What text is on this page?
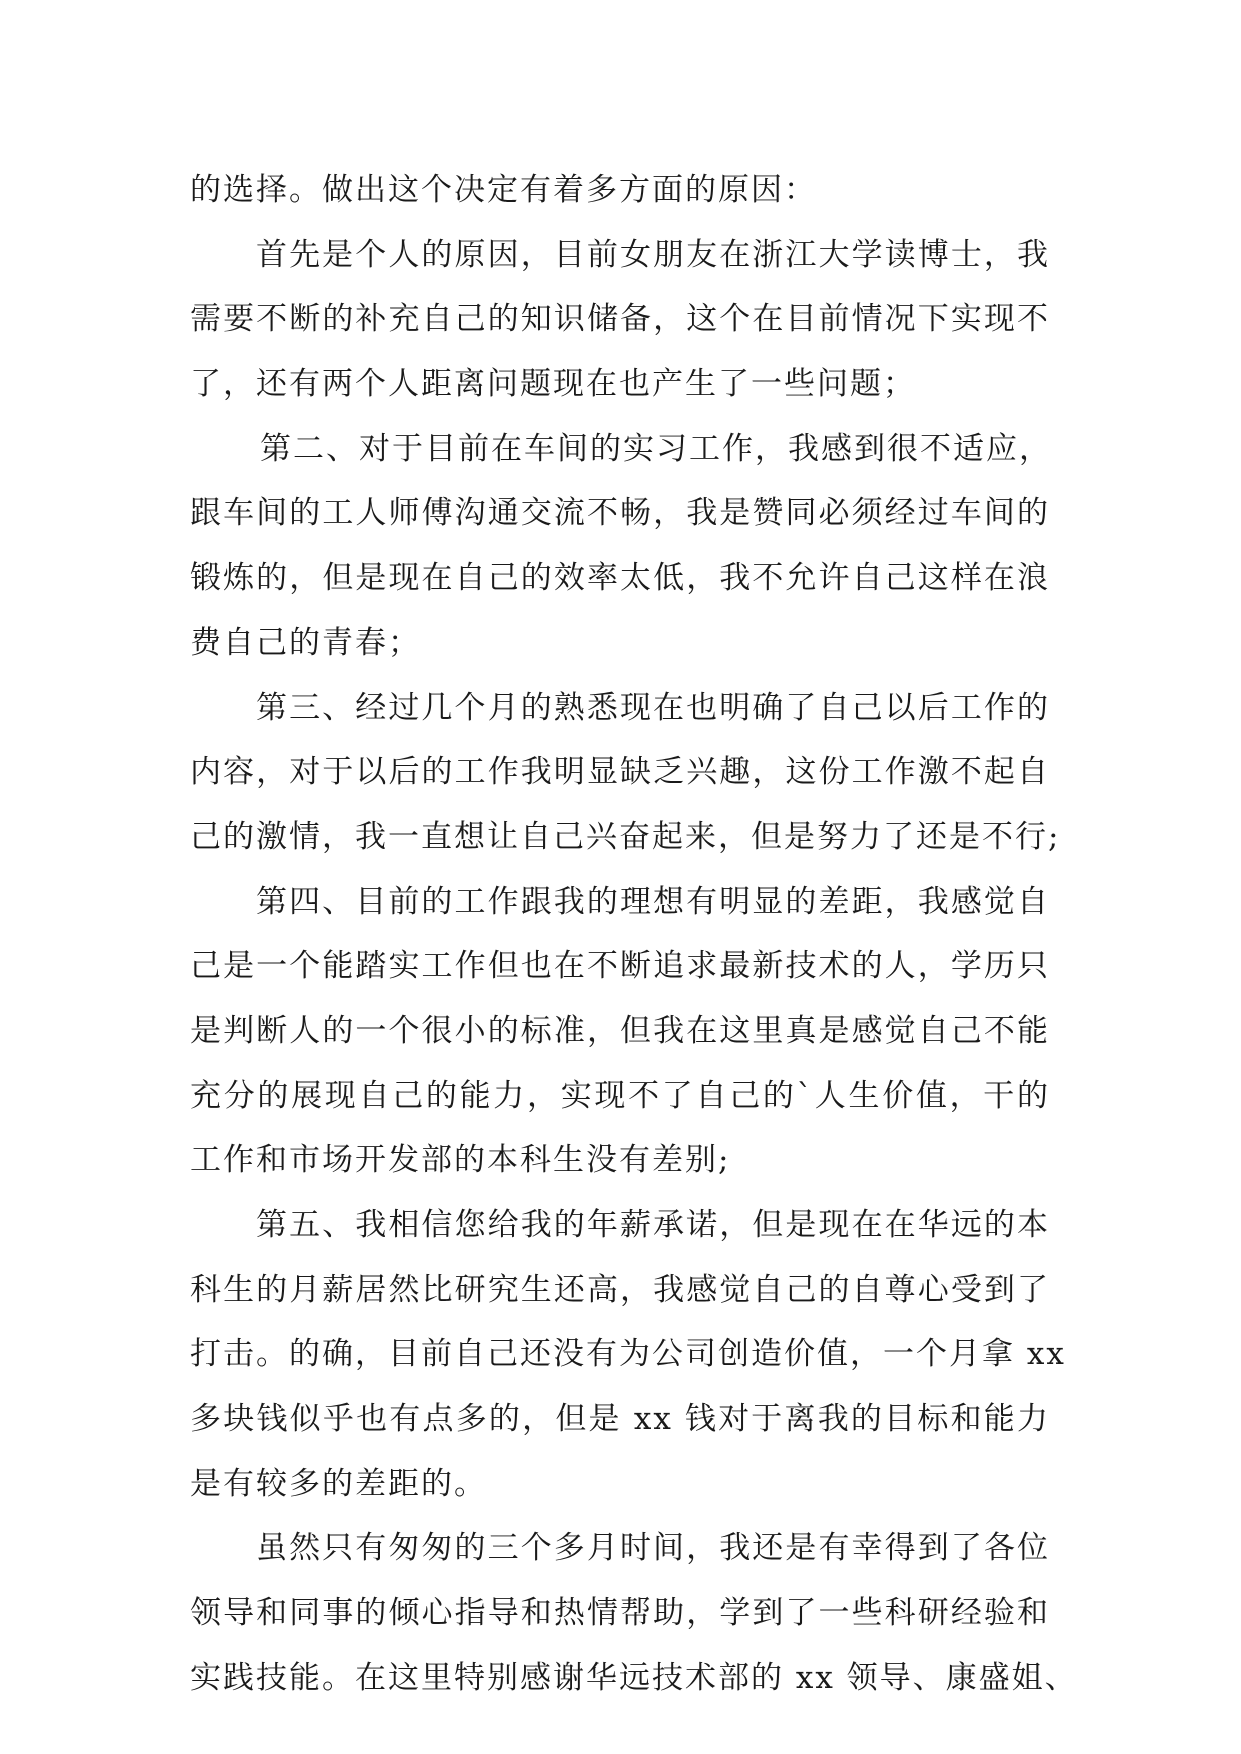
的选择。做出这个决定有着多方面的原因：
首先是个人的原因，目前女朋友在浙江大学读博士，我
需要不断的补充自己的知识储备，这个在目前情况下实现不
了，还有两个人距离问题现在也产生了一些问题；
第二、对于目前在车间的实习工作，我感到很不适应，
跟车间的工人师傅沟通交流不畅，我是赞同必须经过车间的
锻炼的，但是现在自己的效率太低，我不允许自己这样在浪
费自己的青春；
第三、经过几个月的熟悉现在也明确了自己以后工作的
内容，对于以后的工作我明显缺乏兴趣，这份工作激不起自
己的激情，我一直想让自己兴奋起来，但是努力了还是不行;
第四、目前的工作跟我的理想有明显的差距，我感觉自
己是一个能踏实工作但也在不断追求最新技术的人，学历只
是判断人的一个很小的标准，但我在这里真是感觉自己不能
充分的展现自己的能力，实现不了自己的`人生价值，干的
工作和市场开发部的本科生没有差别;
第五、我相信您给我的年薪承诺，但是现在在华远的本
科生的月薪居然比研究生还高，我感觉自己的自尊心受到了
打击。的确，目前自己还没有为公司创造价值，一个月拿 xx
多块钱似乎也有点多的，但是 xx 钱对于离我的目标和能力
是有较多的差距的。
虽然只有匆匆的三个多月时间，我还是有幸得到了各位
领导和同事的倾心指导和热情帮助，学到了一些科研经验和
实践技能。在这里特别感谢华远技术部的 xx 领导、康盛姐、
